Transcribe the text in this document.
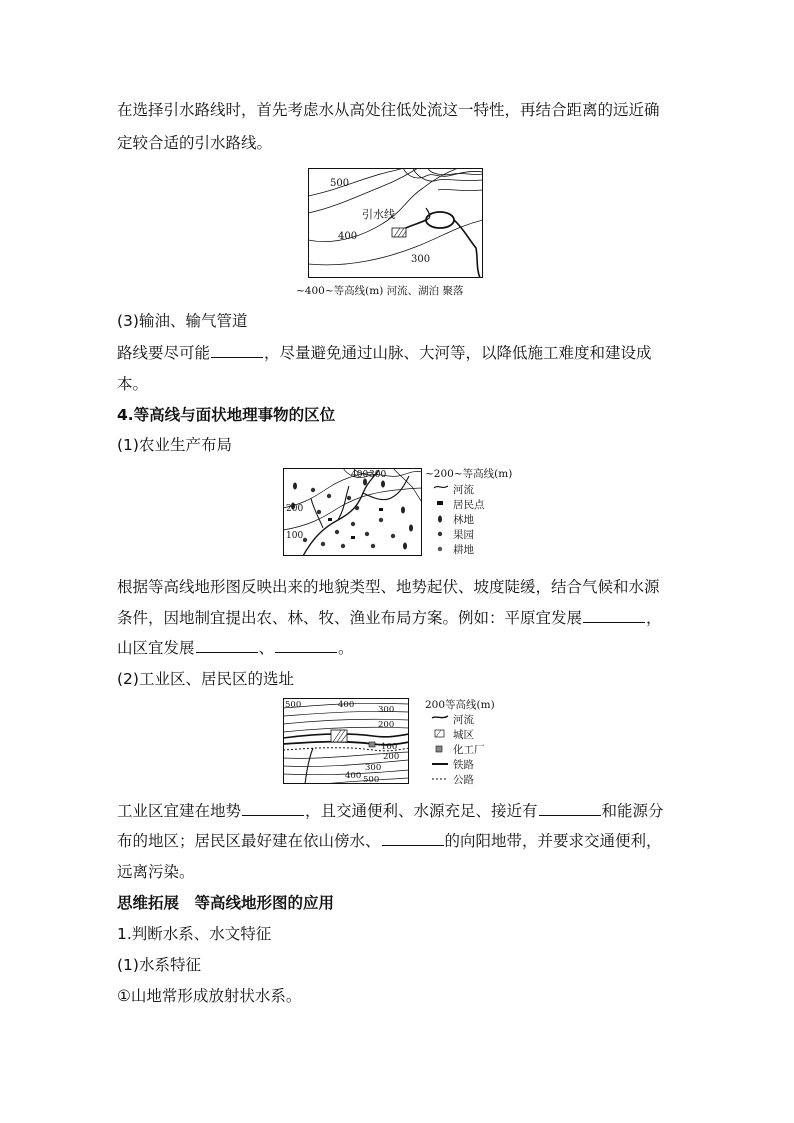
在选择引水路线时，首先考虑水从高处往低处流这一特性，再结合距离的远近确
定较合适的引水路线。
500
400
300
引水线
~400~等高线(m) 河流、湖泊 聚落
(3)输油、输气管道
路线要尽可能	，尽量避免通过山脉、大河等，以降低施工难度和建设成
本。
4.等高线与面状地理事物的区位
(1)农业生产布局
300
200
100
400	~200~等高线(m)
河流
居民点
林地
果园
耕地
根据等高线地形图反映出来的地貌类型、地势起伏、坡度陡缓，结合气候和水源
条件，因地制宜提出农、林、牧、渔业布局方案。例如：平原宜发展	，
山区宜发展	、	。
(2)工业区、居民区的选址
500	400	300
200
100
200
300
400 500
200等高线(m)
河流
城区
化工厂
铁路
公路
工业区宜建在地势	，且交通便利、水源充足、接近有	和能源分
布的地区；居民区最好建在依山傍水、	的向阳地带，并要求交通便利，
远离污染。
思维拓展　等高线地形图的应用
1.判断水系、水文特征
(1)水系特征
①山地常形成放射状水系。
